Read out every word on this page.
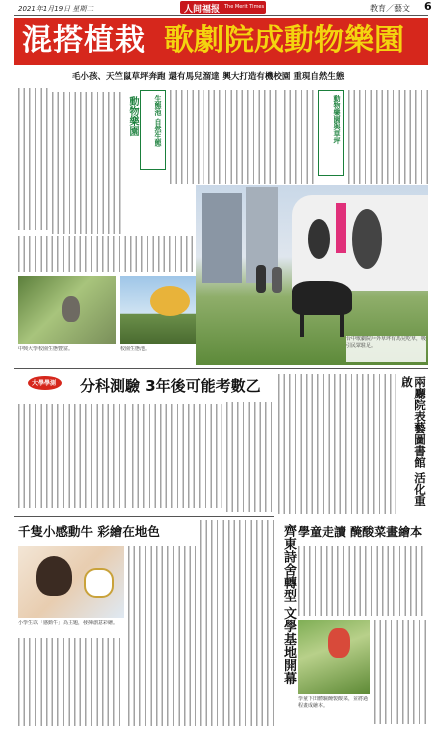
2021年1月19日 星期二	人间福报 The Merit Times	教育／藝文 6
混搭植栽 歌劇院成動物樂園
毛小孩、天竺鼠草坪奔跑 還有馬兒溜達 興大打造有機校園 重現自然生態
動物樂園	生態池 自然生態	動物樂園與草坪
中興大學校園生態豐富。	校園生態池。
台中歌劇院戶外草坪有馬兒吃草，吸引民眾駐足。
大學學測 分科測驗 3年後可能考數乙	兩廳院表藝圖書館 活化重啟
千隻小感動牛 彩繪在地色
小學生以「感動牛」為主題，發揮創意彩繪。	齊東詩舍轉型 文學基地開幕 學童走讀 醃酸菜畫繪本
學童下田體驗醃製酸菜，並將過程畫成繪本。
